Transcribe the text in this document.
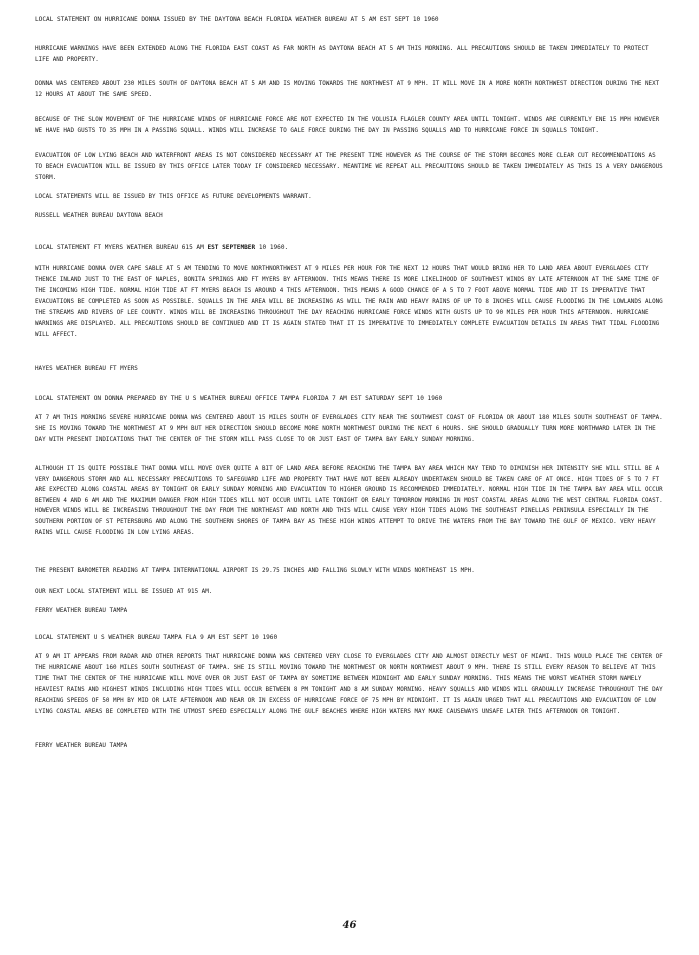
LOCAL STATEMENT ON HURRICANE DONNA ISSUED BY THE DAYTONA BEACH FLORIDA WEATHER BUREAU AT 5 AM EST SEPT 10 1960

HURRICANE WARNINGS HAVE BEEN EXTENDED ALONG THE FLORIDA EAST COAST AS FAR NORTH AS DAYTONA BEACH AT 5 AM THIS MORNING. ALL PRECAUTIONS SHOULD BE TAKEN IMMEDIATELY TO PROTECT LIFE AND PROPERTY.

DONNA WAS CENTERED ABOUT 230 MILES SOUTH OF DAYTONA BEACH AT 5 AM AND IS MOVING TOWARDS THE NORTHWEST AT 9 MPH. IT WILL MOVE IN A MORE NORTH NORTHWEST DIRECTION DURING THE NEXT 12 HOURS AT ABOUT THE SAME SPEED.

BECAUSE OF THE SLOW MOVEMENT OF THE HURRICANE WINDS OF HURRICANE FORCE ARE NOT EXPECTED IN THE VOLUSIA FLAGLER COUNTY AREA UNTIL TONIGHT. WINDS ARE CURRENTLY ENE 15 MPH HOWEVER WE HAVE HAD GUSTS TO 35 MPH IN A PASSING SQUALL. WINDS WILL INCREASE TO GALE FORCE DURING THE DAY IN PASSING SQUALLS AND TO HURRICANE FORCE IN SQUALLS TONIGHT.

EVACUATION OF LOW LYING BEACH AND WATERFRONT AREAS IS NOT CONSIDERED NECESSARY AT THE PRESENT TIME HOWEVER AS THE COURSE OF THE STORM BECOMES MORE CLEAR CUT RECOMMENDATIONS AS TO BEACH EVACUATION WILL BE ISSUED BY THIS OFFICE LATER TODAY IF CONSIDERED NECESSARY. MEANTIME WE REPEAT ALL PRECAUTIONS SHOULD BE TAKEN IMMEDIATELY AS THIS IS A VERY DANGEROUS STORM.

LOCAL STATEMENTS WILL BE ISSUED BY THIS OFFICE AS FUTURE DEVELOPMENTS WARRANT.

RUSSELL WEATHER BUREAU DAYTONA BEACH

LOCAL STATEMENT FT MYERS WEATHER BUREAU 615 AM EST SEPTEMBER 10 1960.

WITH HURRICANE DONNA OVER CAPE SABLE AT 5 AM TENDING TO MOVE NORTHNORTHWEST AT 9 MILES PER HOUR FOR THE NEXT 12 HOURS THAT WOULD BRING HER TO LAND AREA ABOUT EVERGLADES CITY THENCE INLAND JUST TO THE EAST OF NAPLES, BONITA SPRINGS AND FT MYERS BY AFTERNOON. THIS MEANS THERE IS MORE LIKELIHOOD OF SOUTHWEST WINDS BY LATE AFTERNOON AT THE SAME TIME OF THE INCOMING HIGH TIDE. NORMAL HIGH TIDE AT FT MYERS BEACH IS AROUND 4 THIS AFTERNOON. THIS MEANS A GOOD CHANCE OF A 5 TO 7 FOOT ABOVE NORMAL TIDE AND IT IS IMPERATIVE THAT EVACUATIONS BE COMPLETED AS SOON AS POSSIBLE. SQUALLS IN THE AREA WILL BE INCREASING AS WILL THE RAIN AND HEAVY RAINS OF UP TO 8 INCHES WILL CAUSE FLOODING IN THE LOWLANDS ALONG THE STREAMS AND RIVERS OF LEE COUNTY. WINDS WILL BE INCREASING THROUGHOUT THE DAY REACHING HURRICANE FORCE WINDS WITH GUSTS UP TO 90 MILES PER HOUR THIS AFTERNOON. HURRICANE WARNINGS ARE DISPLAYED. ALL PRECAUTIONS SHOULD BE CONTINUED AND IT IS AGAIN STATED THAT IT IS IMPERATIVE TO IMMEDIATELY COMPLETE EVACUATION DETAILS IN AREAS THAT TIDAL FLOODING WILL AFFECT.

HAYES WEATHER BUREAU FT MYERS

LOCAL STATEMENT ON DONNA PREPARED BY THE U S WEATHER BUREAU OFFICE TAMPA FLORIDA 7 AM EST SATURDAY SEPT 10 1960

AT 7 AM THIS MORNING SEVERE HURRICANE DONNA WAS CENTERED ABOUT 15 MILES SOUTH OF EVERGLADES CITY NEAR THE SOUTHWEST COAST OF FLORIDA OR ABOUT 180 MILES SOUTH SOUTHEAST OF TAMPA. SHE IS MOVING TOWARD THE NORTHWEST AT 9 MPH BUT HER DIRECTION SHOULD BECOME MORE NORTH NORTHWEST DURING THE NEXT 6 HOURS. SHE SHOULD GRADUALLY TURN MORE NORTHWARD LATER IN THE DAY WITH PRESENT INDICATIONS THAT THE CENTER OF THE STORM WILL PASS CLOSE TO OR JUST EAST OF TAMPA BAY EARLY SUNDAY MORNING.

ALTHOUGH IT IS QUITE POSSIBLE THAT DONNA WILL MOVE OVER QUITE A BIT OF LAND AREA BEFORE REACHING THE TAMPA BAY AREA WHICH MAY TEND TO DIMINISH HER INTENSITY SHE WILL STILL BE A VERY DANGEROUS STORM AND ALL NECESSARY PRECAUTIONS TO SAFEGUARD LIFE AND PROPERTY THAT HAVE NOT BEEN ALREADY UNDERTAKEN SHOULD BE TAKEN CARE OF AT ONCE. HIGH TIDES OF 5 TO 7 FT ARE EXPECTED ALONG COASTAL AREAS BY TONIGHT OR EARLY SUNDAY MORNING AND EVACUATION TO HIGHER GROUND IS RECOMMENDED IMMEDIATELY. NORMAL HIGH TIDE IN THE TAMPA BAY AREA WILL OCCUR BETWEEN 4 AND 6 AM AND THE MAXIMUM DANGER FROM HIGH TIDES WILL NOT OCCUR UNTIL LATE TONIGHT OR EARLY TOMORROW MORNING IN MOST COASTAL AREAS ALONG THE WEST CENTRAL FLORIDA COAST. HOWEVER WINDS WILL BE INCREASING THROUGHOUT THE DAY FROM THE NORTHEAST AND NORTH AND THIS WILL CAUSE VERY HIGH TIDES ALONG THE SOUTHEAST PINELLAS PENINSULA ESPECIALLY IN THE SOUTHERN PORTION OF ST PETERSBURG AND ALONG THE SOUTHERN SHORES OF TAMPA BAY AS THESE HIGH WINDS ATTEMPT TO DRIVE THE WATERS FROM THE BAY TOWARD THE GULF OF MEXICO. VERY HEAVY RAINS WILL CAUSE FLOODING IN LOW LYING AREAS.

THE PRESENT BAROMETER READING AT TAMPA INTERNATIONAL AIRPORT IS 29.75 INCHES AND FALLING SLOWLY WITH WINDS NORTHEAST 15 MPH.

OUR NEXT LOCAL STATEMENT WILL BE ISSUED AT 915 AM.

FERRY WEATHER BUREAU TAMPA

LOCAL STATEMENT U S WEATHER BUREAU TAMPA FLA 9 AM EST SEPT 10 1960

AT 9 AM IT APPEARS FROM RADAR AND OTHER REPORTS THAT HURRICANE DONNA WAS CENTERED VERY CLOSE TO EVERGLADES CITY AND ALMOST DIRECTLY WEST OF MIAMI. THIS WOULD PLACE THE CENTER OF THE HURRICANE ABOUT 160 MILES SOUTH SOUTHEAST OF TAMPA. SHE IS STILL MOVING TOWARD THE NORTHWEST OR NORTH NORTHWEST ABOUT 9 MPH. THERE IS STILL EVERY REASON TO BELIEVE AT THIS TIME THAT THE CENTER OF THE HURRICANE WILL MOVE OVER OR JUST EAST OF TAMPA BY SOMETIME BETWEEN MIDNIGHT AND EARLY SUNDAY MORNING. THIS MEANS THE WORST WEATHER STORM NAMELY HEAVIEST RAINS AND HIGHEST WINDS INCLUDING HIGH TIDES WILL OCCUR BETWEEN 8 PM TONIGHT AND 8 AM SUNDAY MORNING. HEAVY SQUALLS AND WINDS WILL GRADUALLY INCREASE THROUGHOUT THE DAY REACHING SPEEDS OF 50 MPH BY MID OR LATE AFTERNOON AND NEAR OR IN EXCESS OF HURRICANE FORCE OF 75 MPH BY MIDNIGHT. IT IS AGAIN URGED THAT ALL PRECAUTIONS AND EVACUATION OF LOW LYING COASTAL AREAS BE COMPLETED WITH THE UTMOST SPEED ESPECIALLY ALONG THE GULF BEACHES WHERE HIGH WATERS MAY MAKE CAUSEWAYS UNSAFE LATER THIS AFTERNOON OR TONIGHT.

FERRY WEATHER BUREAU TAMPA

46
